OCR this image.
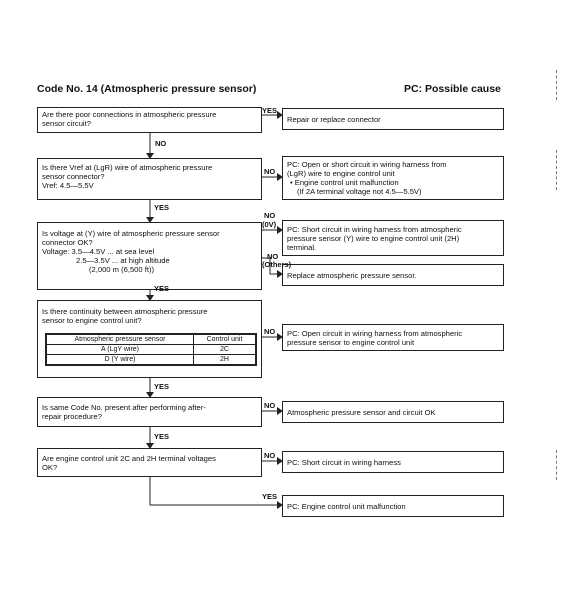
Code No. 14 (Atmospheric pressure sensor)	PC: Possible cause
Are there poor connections in atmospheric pressure
sensor circuit?
Is there Vref at (LgR) wire of atmospheric pressure
sensor connector?
Vref: 4.5—5.5V
Is voltage at (Y) wire of atmospheric pressure sensor
connector OK?
Voltage: 3.5—4.5V ... at sea level
2.5—3.5V ... at high altitude
(2,000 m (6,500 ft))
Is there continuity between atmospheric pressure
sensor to engine control unit?
Atmospheric pressure sensor	Control unit
A (LgY wire)	2C
D (Y wire)	2H
Is same Code No. present after performing after-
repair procedure?
Are engine control unit 2C and 2H terminal voltages
OK?
Repair or replace connector
PC: Open or short circuit in wiring harness from
(LgR) wire to engine control unit
• Engine control unit malfunction
(If 2A terminal voltage not 4.5—5.5V)
PC: Short circuit in wiring harness from atmospheric
pressure sensor (Y) wire to engine control unit (2H)
terminal.
Replace atmospheric pressure sensor.
PC: Open circuit in wiring harness from atmospheric
pressure sensor to engine control unit
Atmospheric pressure sensor and circuit OK
PC: Short circuit in wiring harness
PC: Engine control unit malfunction
YES
NO
NO
YES
NO
(0V)
NO
(Others)
YES
NO
YES
NO
YES
NO
YES
